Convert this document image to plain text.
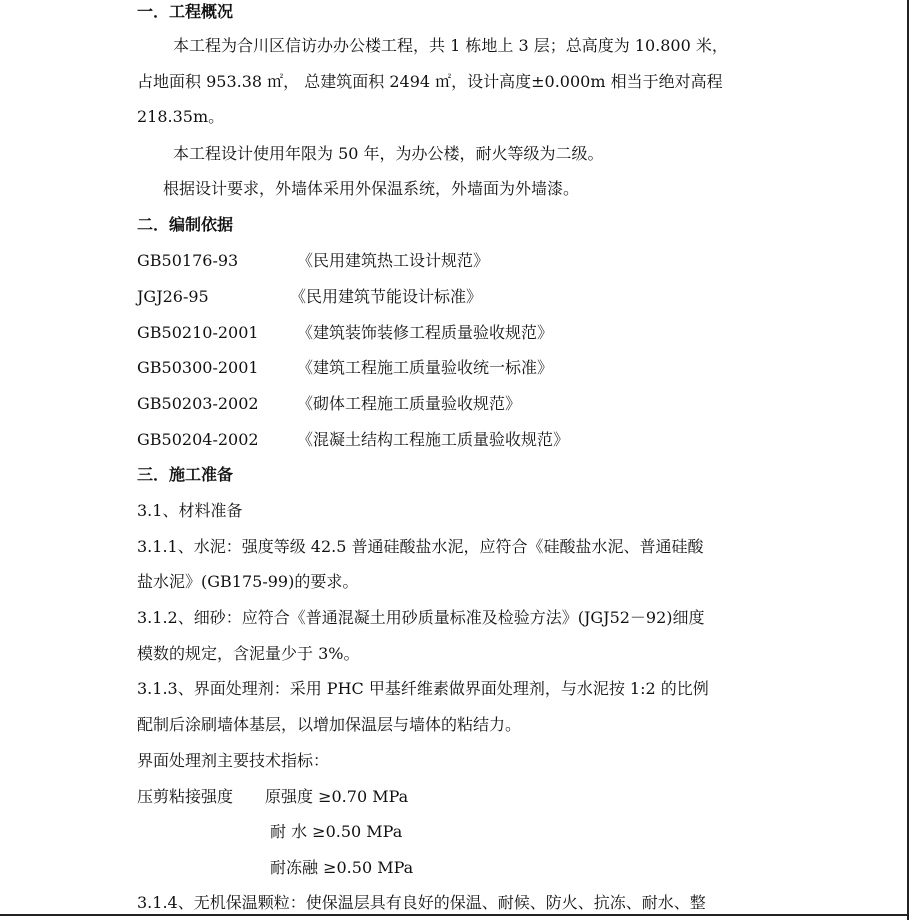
一．工程概况
本工程为合川区信访办办公楼工程，共 1 栋地上 3 层；总高度为 10.800 米，
占地面积 953.38 ㎡， 总建筑面积 2494 ㎡，设计高度±0.000m 相当于绝对高程
218.35m。
本工程设计使用年限为 50 年，为办公楼，耐火等级为二级。
根据设计要求，外墙体采用外保温系统，外墙面为外墙漆。
二．编制依据
GB50176-93	《民用建筑热工设计规范》
JGJ26-95	《民用建筑节能设计标准》
GB50210-2001 《建筑装饰装修工程质量验收规范》
GB50300-2001 《建筑工程施工质量验收统一标准》
GB50203-2002 《砌体工程施工质量验收规范》
GB50204-2002 《混凝土结构工程施工质量验收规范》
三．施工准备
3.1、材料准备
3.1.1、水泥：强度等级 42.5 普通硅酸盐水泥，应符合《硅酸盐水泥、普通硅酸
盐水泥》(GB175-99)的要求。
3.1.2、细砂：应符合《普通混凝土用砂质量标准及检验方法》(JGJ52－92)细度
模数的规定，含泥量少于 3%。
3.1.3、界面处理剂：采用 PHC 甲基纤维素做界面处理剂，与水泥按 1:2 的比例
配制后涂刷墙体基层，以增加保温层与墙体的粘结力。
界面处理剂主要技术指标：
压剪粘接强度 原强度 ≥0.70 MPa
耐 水 ≥0.50 MPa
耐冻融 ≥0.50 MPa
3.1.4、无机保温颗粒：使保温层具有良好的保温、耐候、防火、抗冻、耐水、整
